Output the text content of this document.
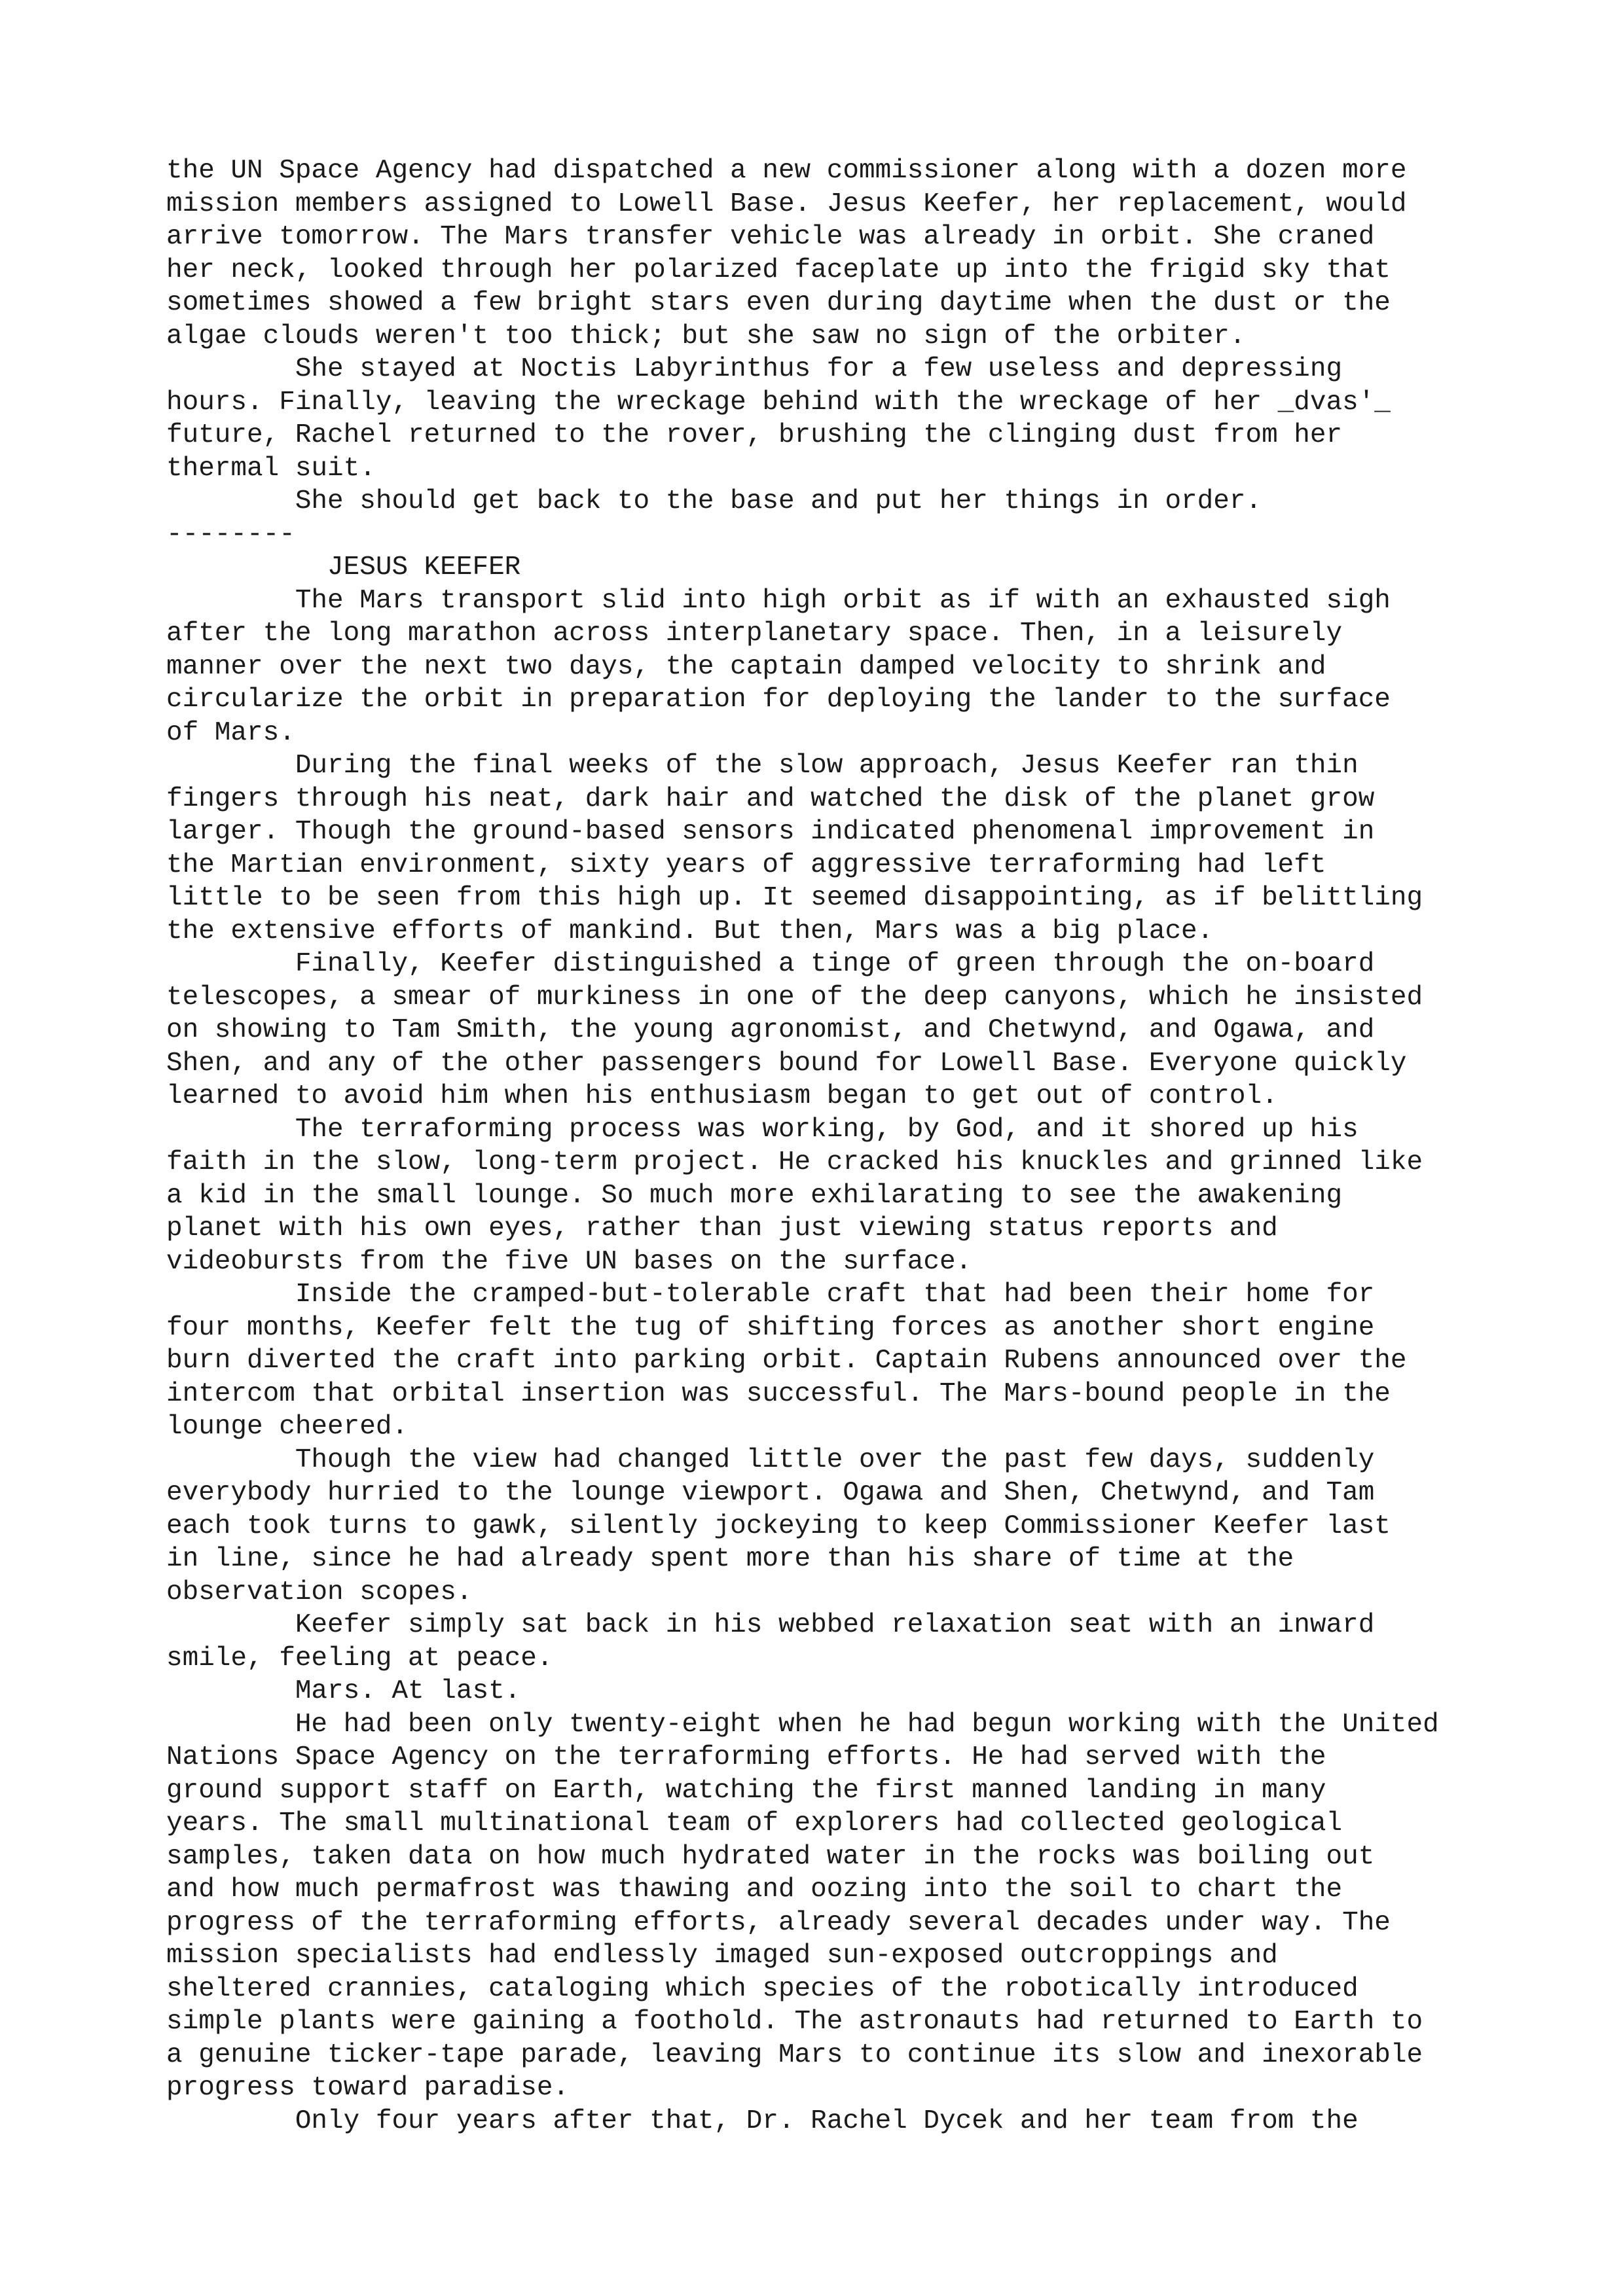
the UN Space Agency had dispatched a new commissioner along with a dozen more

mission members assigned to Lowell Base. Jesus Keefer, her replacement, would

arrive tomorrow. The Mars transfer vehicle was already in orbit. She craned

her neck, looked through her polarized faceplate up into the frigid sky that

sometimes showed a few bright stars even during daytime when the dust or the

algae clouds weren't too thick; but she saw no sign of the orbiter.

She stayed at Noctis Labyrinthus for a few useless and depressing

hours. Finally, leaving the wreckage behind with the wreckage of her _dvas'_

future, Rachel returned to the rover, brushing the clinging dust from her

thermal suit.

She should get back to the base and put her things in order.

--------

JESUS KEEFER

The Mars transport slid into high orbit as if with an exhausted sigh

after the long marathon across interplanetary space. Then, in a leisurely

manner over the next two days, the captain damped velocity to shrink and

circularize the orbit in preparation for deploying the lander to the surface

of Mars.

During the final weeks of the slow approach, Jesus Keefer ran thin

fingers through his neat, dark hair and watched the disk of the planet grow

larger. Though the ground-based sensors indicated phenomenal improvement in

the Martian environment, sixty years of aggressive terraforming had left

little to be seen from this high up. It seemed disappointing, as if belittling

the extensive efforts of mankind. But then, Mars was a big place.

Finally, Keefer distinguished a tinge of green through the on-board

telescopes, a smear of murkiness in one of the deep canyons, which he insisted

on showing to Tam Smith, the young agronomist, and Chetwynd, and Ogawa, and

Shen, and any of the other passengers bound for Lowell Base. Everyone quickly

learned to avoid him when his enthusiasm began to get out of control.

The terraforming process was working, by God, and it shored up his

faith in the slow, long-term project. He cracked his knuckles and grinned like

a kid in the small lounge. So much more exhilarating to see the awakening

planet with his own eyes, rather than just viewing status reports and

videobursts from the five UN bases on the surface.

Inside the cramped-but-tolerable craft that had been their home for

four months, Keefer felt the tug of shifting forces as another short engine

burn diverted the craft into parking orbit. Captain Rubens announced over the

intercom that orbital insertion was successful. The Mars-bound people in the

lounge cheered.

Though the view had changed little over the past few days, suddenly

everybody hurried to the lounge viewport. Ogawa and Shen, Chetwynd, and Tam

each took turns to gawk, silently jockeying to keep Commissioner Keefer last

in line, since he had already spent more than his share of time at the

observation scopes.

Keefer simply sat back in his webbed relaxation seat with an inward

smile, feeling at peace.

Mars. At last.

He had been only twenty-eight when he had begun working with the United

Nations Space Agency on the terraforming efforts. He had served with the

ground support staff on Earth, watching the first manned landing in many

years. The small multinational team of explorers had collected geological

samples, taken data on how much hydrated water in the rocks was boiling out

and how much permafrost was thawing and oozing into the soil to chart the

progress of the terraforming efforts, already several decades under way. The

mission specialists had endlessly imaged sun-exposed outcroppings and

sheltered crannies, cataloging which species of the robotically introduced

simple plants were gaining a foothold. The astronauts had returned to Earth to

a genuine ticker-tape parade, leaving Mars to continue its slow and inexorable

progress toward paradise.

Only four years after that, Dr. Rachel Dycek and her team from the
